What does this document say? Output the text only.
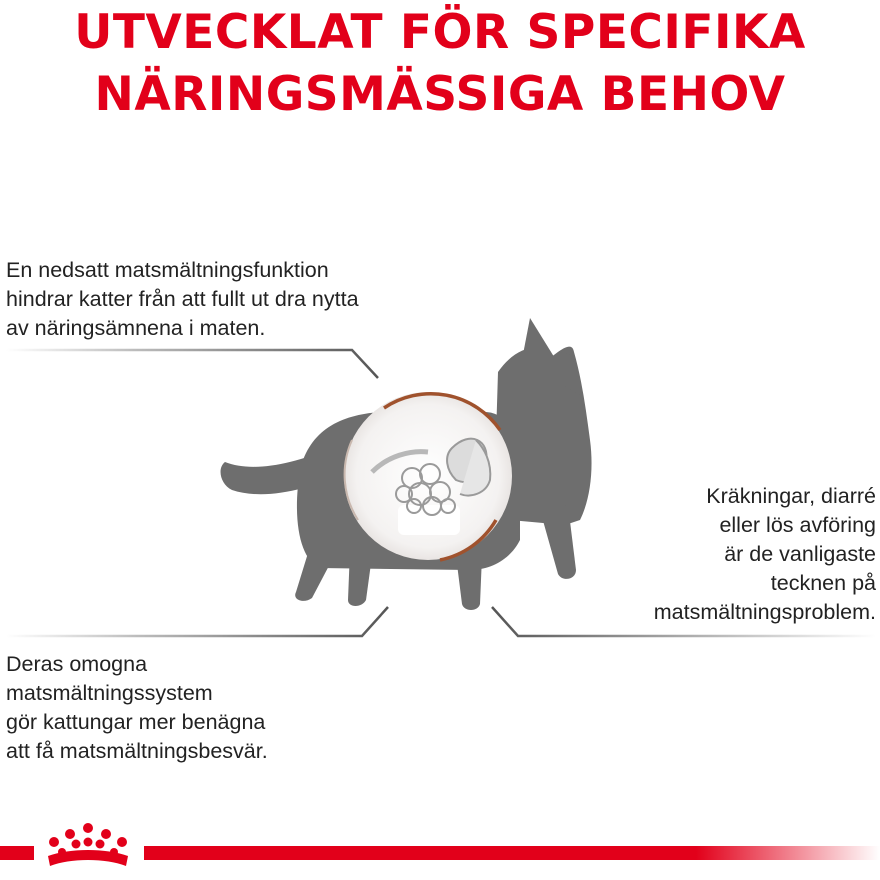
UTVECKLAT FÖR SPECIFIKA
NÄRINGSMÄSSIGA BEHOV
En nedsatt matsmältningsfunktion
hindrar katter från att fullt ut dra nytta
av näringsämnena i maten.
Kräkningar, diarré
eller lös avföring
är de vanligaste
tecknen på
matsmältningsproblem.
Deras omogna
matsmältningssystem
gör kattungar mer benägna
att få matsmältningsbesvär.
